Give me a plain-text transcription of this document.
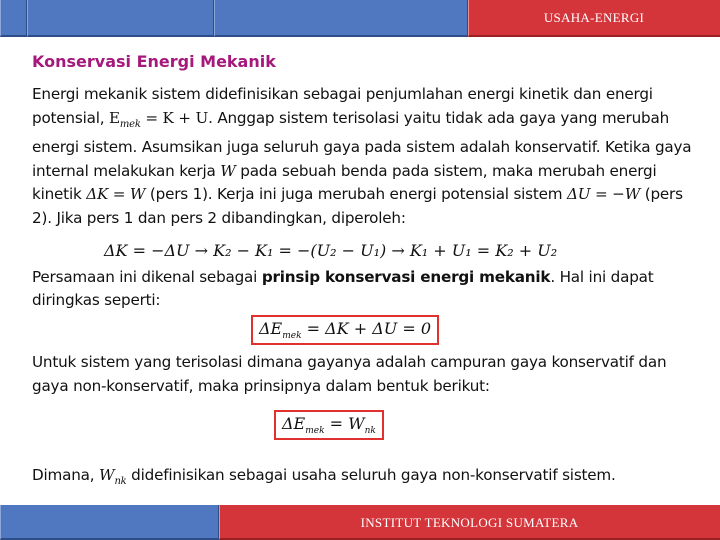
USAHA-ENERGI
Konservasi Energi Mekanik

Energi mekanik sistem didefinisikan sebagai penjumlahan energi kinetik dan energi potensial, $E_{mek} = K + U$. Anggap sistem terisolasi yaitu tidak ada gaya yang merubah energi sistem. Asumsikan juga seluruh gaya pada sistem adalah konservatif. Ketika gaya internal melakukan kerja W pada sebuah benda pada sistem, maka merubah energi kinetik ΔK = W (pers 1). Kerja ini juga merubah energi potensial sistem ΔU = −W (pers 2). Jika pers 1 dan pers 2 dibandingkan, diperoleh:

ΔK = −ΔU → K₂ − K₁ = −(U₂ − U₁) → K₁ + U₁ = K₂ + U₂

Persamaan ini dikenal sebagai prinsip konservasi energi mekanik. Hal ini dapat diringkas seperti:

$\Delta E_{mek} = \Delta K + \Delta U = 0$

Untuk sistem yang terisolasi dimana gayanya adalah campuran gaya konservatif dan gaya non-konservatif, maka prinsipnya dalam bentuk berikut:

$\Delta E_{mek} = W_{nk}$

Dimana, $W_{nk}$ didefinisikan sebagai usaha seluruh gaya non-konservatif sistem.

INSTITUT TEKNOLOGI SUMATERA
